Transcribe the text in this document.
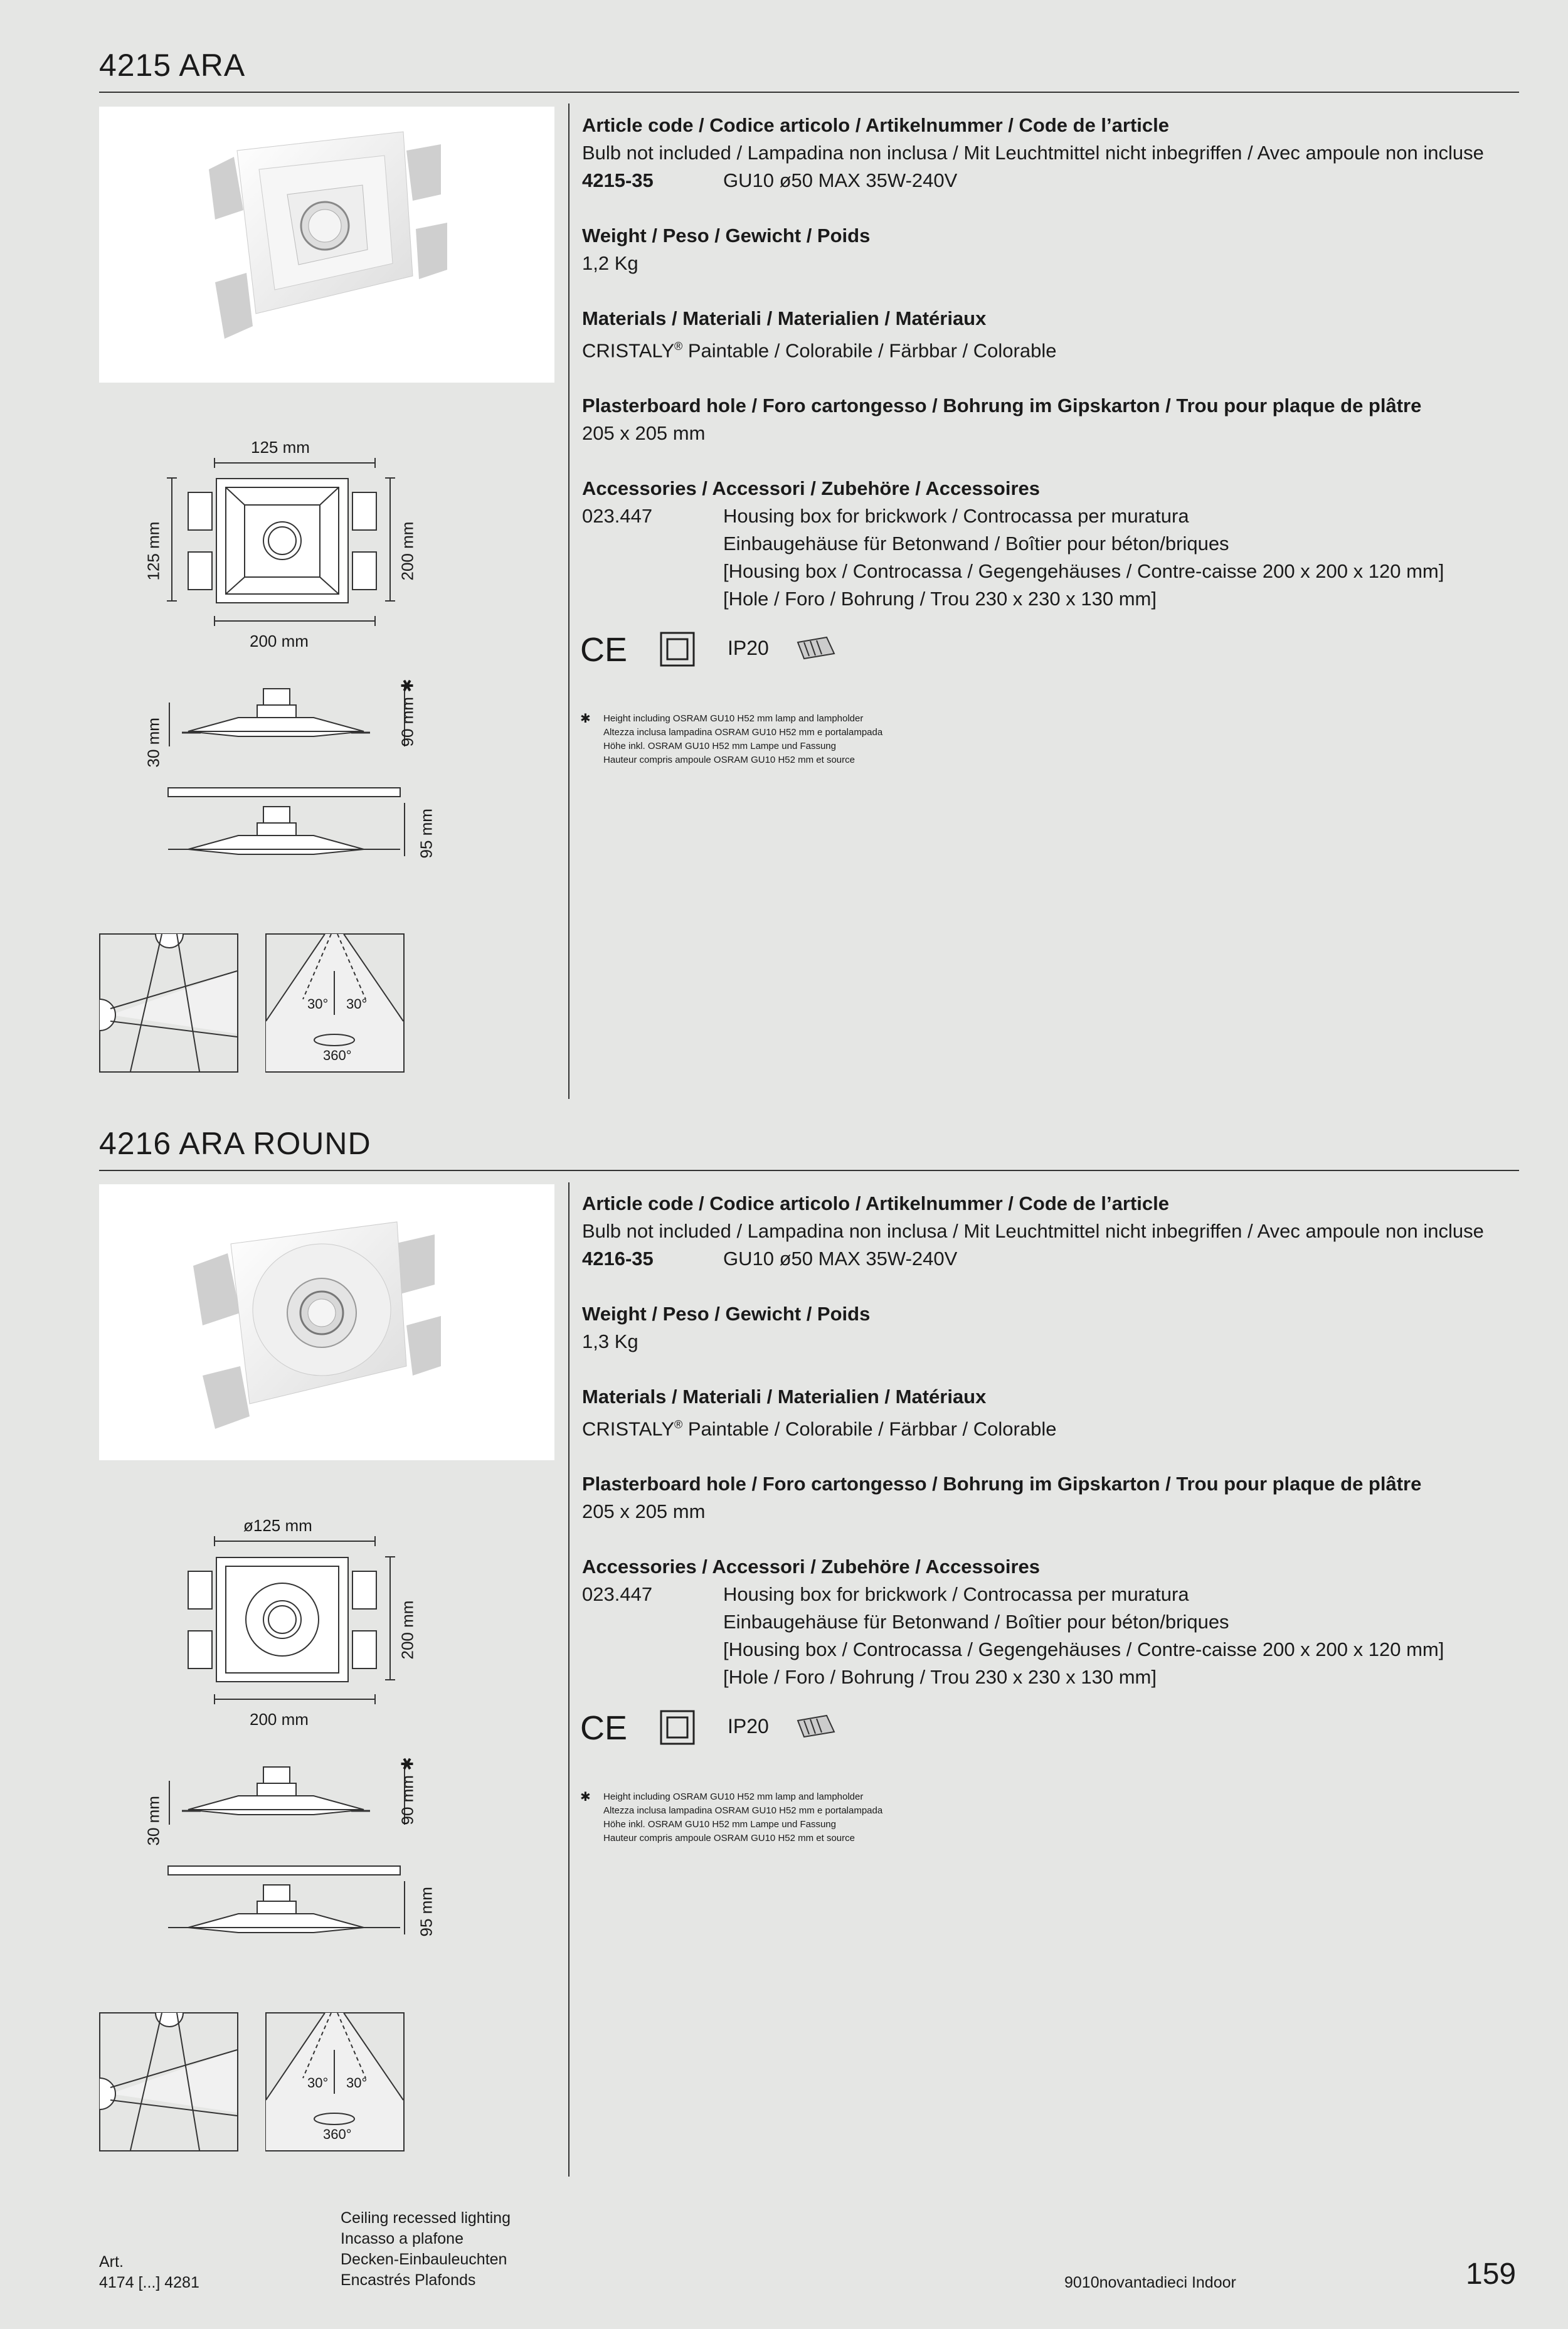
4215 ARA
Article code / Codice articolo / Artikelnummer / Code de l’article
Bulb not included / Lampadina non inclusa / Mit Leuchtmittel nicht inbegriffen / Avec ampoule non incluse
4215-35	GU10 ø50 MAX 35W-240V
Weight / Peso / Gewicht / Poids
1,2 Kg
Materials / Materiali / Materialien / Matériaux
CRISTALY® Paintable / Colorabile / Färbbar / Colorable
Plasterboard hole / Foro cartongesso / Bohrung im Gipskarton / Trou pour plaque de plâtre
205 x 205 mm
Accessories / Accessori / Zubehöre / Accessoires
023.447	Housing box for brickwork / Controcassa per muratura
Einbaugehäuse für Betonwand / Boîtier pour béton/briques
[Housing box / Controcassa / Gegengehäuses / Contre-caisse 200 x 200 x 120 mm]
[Hole / Foro / Bohrung / Trou 230 x 230 x 130 mm]
CE	IP20
✱ Height including OSRAM GU10 H52 mm lamp and lampholder
Altezza inclusa lampadina OSRAM GU10 H52 mm e portalampada
Höhe inkl. OSRAM GU10 H52 mm Lampe und Fassung
Hauteur compris ampoule OSRAM GU10 H52 mm et source
125 mm
125 mm	200 mm
200 mm
30 mm	90 mm ✱
95 mm
30° 30°
360°
4216 ARA ROUND
Article code / Codice articolo / Artikelnummer / Code de l’article
Bulb not included / Lampadina non inclusa / Mit Leuchtmittel nicht inbegriffen / Avec ampoule non incluse
4216-35	GU10 ø50 MAX 35W-240V
Weight / Peso / Gewicht / Poids
1,3 Kg
Materials / Materiali / Materialien / Matériaux
CRISTALY® Paintable / Colorabile / Färbbar / Colorable
Plasterboard hole / Foro cartongesso / Bohrung im Gipskarton / Trou pour plaque de plâtre
205 x 205 mm
Accessories / Accessori / Zubehöre / Accessoires
023.447	Housing box for brickwork / Controcassa per muratura
Einbaugehäuse für Betonwand / Boîtier pour béton/briques
[Housing box / Controcassa / Gegengehäuses / Contre-caisse 200 x 200 x 120 mm]
[Hole / Foro / Bohrung / Trou 230 x 230 x 130 mm]
CE	IP20
✱ Height including OSRAM GU10 H52 mm lamp and lampholder
Altezza inclusa lampadina OSRAM GU10 H52 mm e portalampada
Höhe inkl. OSRAM GU10 H52 mm Lampe und Fassung
Hauteur compris ampoule OSRAM GU10 H52 mm et source
ø125 mm
200 mm
200 mm
30 mm	90 mm ✱
95 mm
30° 30°
360°
Art.
4174 [...] 4281
Ceiling recessed lighting
Incasso a plafone
Decken-Einbauleuchten
Encastrés Plafonds	9010novantadieci Indoor	159
